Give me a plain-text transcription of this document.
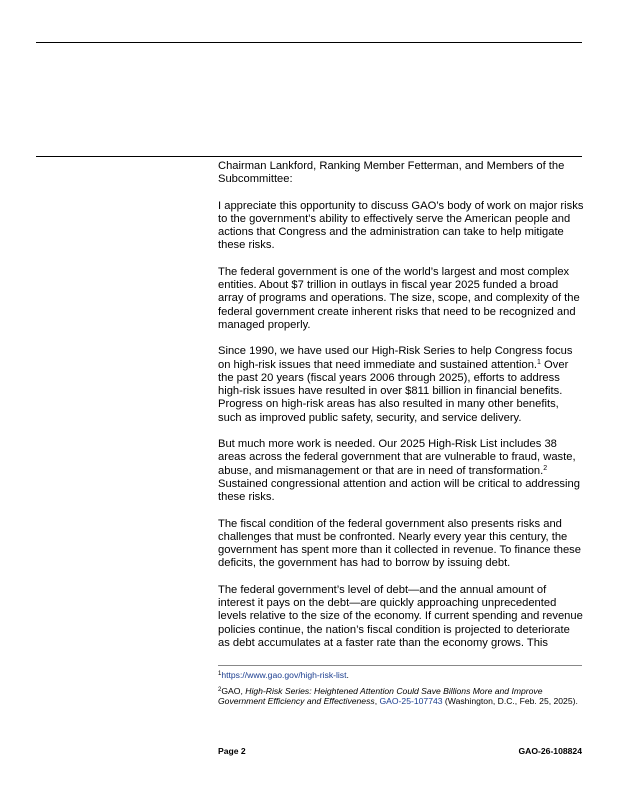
Chairman Lankford, Ranking Member Fetterman, and Members of the Subcommittee:

I appreciate this opportunity to discuss GAO’s body of work on major risks to the government’s ability to effectively serve the American people and actions that Congress and the administration can take to help mitigate these risks.

The federal government is one of the world’s largest and most complex entities. About $7 trillion in outlays in fiscal year 2025 funded a broad array of programs and operations. The size, scope, and complexity of the federal government create inherent risks that need to be recognized and managed properly.

Since 1990, we have used our High-Risk Series to help Congress focus on high-risk issues that need immediate and sustained attention.$^1$ Over the past 20 years (fiscal years 2006 through 2025), efforts to address high-risk issues have resulted in over $811 billion in financial benefits. Progress on high-risk areas has also resulted in many other benefits, such as improved public safety, security, and service delivery.

But much more work is needed. Our 2025 High-Risk List includes 38 areas across the federal government that are vulnerable to fraud, waste, abuse, and mismanagement or that are in need of transformation.$^2$ Sustained congressional attention and action will be critical to addressing these risks.

The fiscal condition of the federal government also presents risks and challenges that must be confronted. Nearly every year this century, the government has spent more than it collected in revenue. To finance these deficits, the government has had to borrow by issuing debt.

The federal government’s level of debt—and the annual amount of interest it pays on the debt—are quickly approaching unprecedented levels relative to the size of the economy. If current spending and revenue policies continue, the nation’s fiscal condition is projected to deteriorate as debt accumulates at a faster rate than the economy grows. This

$^1$https://www.gao.gov/high-risk-list.

$^2$GAO, High-Risk Series: Heightened Attention Could Save Billions More and Improve Government Efficiency and Effectiveness, GAO-25-107743 (Washington, D.C., Feb. 25, 2025).

Page 2	GAO-26-108824
